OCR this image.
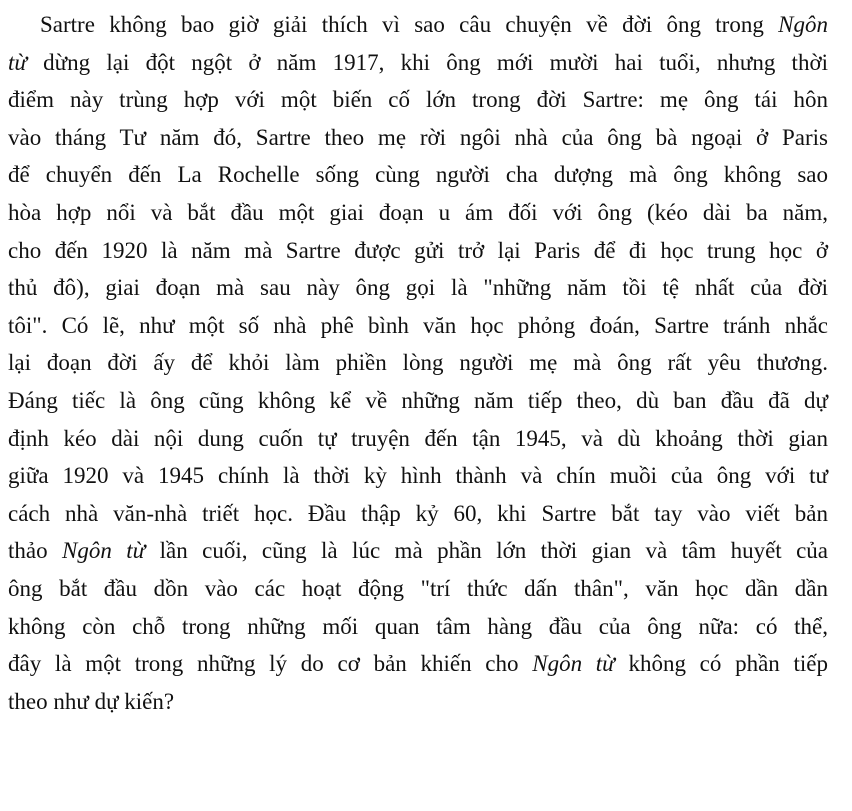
Sartre không bao giờ giải thích vì sao câu chuyện về đời ông trong Ngôn
từ dừng lại đột ngột ở năm 1917, khi ông mới mười hai tuổi, nhưng thời
điểm này trùng hợp với một biến cố lớn trong đời Sartre: mẹ ông tái hôn
vào tháng Tư năm đó, Sartre theo mẹ rời ngôi nhà của ông bà ngoại ở Paris
để chuyển đến La Rochelle sống cùng người cha dượng mà ông không sao
hòa hợp nổi và bắt đầu một giai đoạn u ám đối với ông (kéo dài ba năm,
cho đến 1920 là năm mà Sartre được gửi trở lại Paris để đi học trung học ở
thủ đô), giai đoạn mà sau này ông gọi là "những năm tồi tệ nhất của đời
tôi". Có lẽ, như một số nhà phê bình văn học phỏng đoán, Sartre tránh nhắc
lại đoạn đời ấy để khỏi làm phiền lòng người mẹ mà ông rất yêu thương.
Đáng tiếc là ông cũng không kể về những năm tiếp theo, dù ban đầu đã dự
định kéo dài nội dung cuốn tự truyện đến tận 1945, và dù khoảng thời gian
giữa 1920 và 1945 chính là thời kỳ hình thành và chín muồi của ông với tư
cách nhà văn-nhà triết học. Đầu thập kỷ 60, khi Sartre bắt tay vào viết bản
thảo Ngôn từ lần cuối, cũng là lúc mà phần lớn thời gian và tâm huyết của
ông bắt đầu dồn vào các hoạt động "trí thức dấn thân", văn học dần dần
không còn chỗ trong những mối quan tâm hàng đầu của ông nữa: có thể,
đây là một trong những lý do cơ bản khiến cho Ngôn từ không có phần tiếp
theo như dự kiến?
